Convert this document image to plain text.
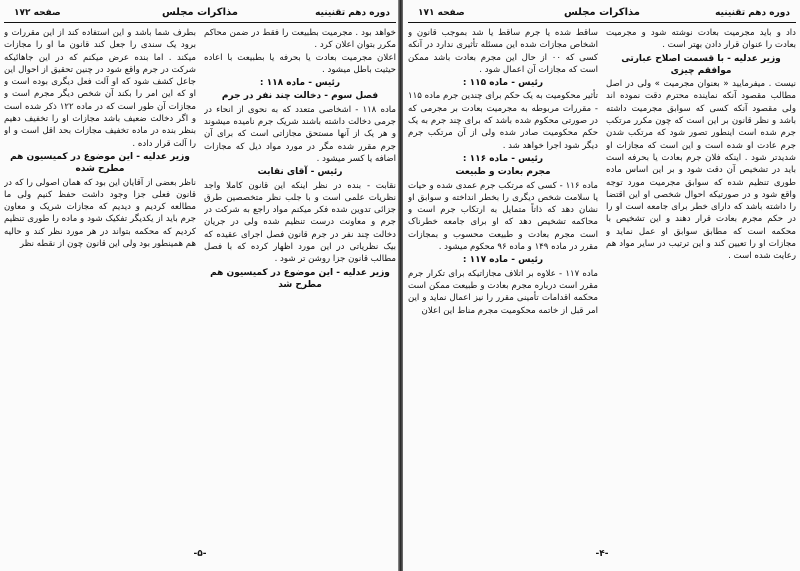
دوره دهم تقنینیه
مذاکرات مجلس
صفحه ۱۷۲

خواهد بود . مجرمیت بطبیعت را فقط در ضمن محاکم مکرر بتوان اعلان کرد .

اعلان مجرمیت بعادت یا بحرفه یا بطبیعت با اعاده حیثیت باطل میشود .

رئیس - ماده ۱۱۸ :
فصل سوم - دخالت چند نفر در جرم

ماده ۱۱۸ - اشخاصی متعدد که به نحوی از انحاء در جرمی دخالت داشته باشند شریک جرم نامیده میشوند و هر یک از آنها مستحق مجازاتی است که برای آن جرم مقرر شده مگر در مورد مواد ذیل که مجازات اضافه یا کسر میشود .

رئیس - آقای نقابت

نقابت - بنده در نظر اینکه این قانون کاملا واجد نظریات علمی است و با جلب نظر متخصصین طرق جزائی تدوین شده فکر میکنم مواد راجع به شرکت در جرم و معاونت درست تنظیم شده ولی در جریان دخالت چند نفر در جرم قانون فصل اجرای عقیده که بیک نظریاتی در این مورد اظهار کرده که با فصل مطالب قانون جزا روشن تر شود .

وزیر عدلیه - این موضوع در کمیسیون هم مطرح شد

بطرف شما باشد و این استفاده کند از این مقررات و برود یک سندی را جعل کند قانون ما او را مجازات میکند . اما بنده عرض میکنم که در این جاهائیکه شرکت در جرم واقع شود در چنین تحقیق از احوال این جاعل کشف شود که او آلت فعل دیگری بوده است و او که این امر را بکند آن شخص دیگر مجرم است و مجازات آن طور است که در ماده ۱۲۲ ذکر شده است و اگر دخالت ضعیف باشد مجازات او را تخفیف دهیم بنظر بنده در ماده تخفیف مجازات بحد اقل است و او را آلت قرار داده .

وزیر عدلیه - این موضوع در کمیسیون هم مطرح شده

ناظر بعضی از آقایان این بود که همان اصولی را که در قانون فعلی جزا وجود داشت حفظ کنیم ولی ما مطالعه کردیم و دیدیم که مجازات شریک و معاون جرم باید از یکدیگر تفکیک شود و ماده را طوری تنظیم کردیم که محکمه بتواند در هر مورد نظر کند و حالیه هم همینطور بود ولی این قانون چون از نقطه نظر

-۵-
دوره دهم تقنینیه
مذاکرات مجلس
صفحه ۱۷۱

داد و باید مجرمیت بعادت نوشته شود و مجرمیت بعادت را عنوان قرار دادن بهتر است .

وزیر عدلیه - با قسمت اصلاح عبارتی موافقم چیزی

نیست . میفرمایید « بعنوان مجرمیت » ولی در اصل مطالب مقصود آنکه نماینده محترم دقت نموده اند ولی مقصود آنکه کسی که سوابق مجرمیت داشته باشد و نظر قانون بر این است که چون مکرر مرتکب جرم شده است اینطور تصور شود که مرتکب شدن جرم عادت او شده است و این است که مجازات او شدیدتر شود . اینکه فلان جرم بعادت یا بحرفه است باید در تشخیص آن دقت شود و بر این اساس ماده طوری تنظیم شده که سوابق مجرمیت مورد توجه واقع شود و در صورتیکه احوال شخصی او این اقتضا را داشته باشد که دارای خطر برای جامعه است او را در حکم مجرم بعادت قرار دهند و این تشخیص با محکمه است که مطابق سوابق او عمل نماید و مجازات او را تعیین کند و این ترتیب در سایر مواد هم رعایت شده است .

ساقط شده یا جرم ساقط یا شد بموجب قانون و اشخاص مجازات شده این مسئله تأثیری ندارد در آنکه کسی که ۰۰ از حال این مجرم بعادت باشد ممکن است که مجازات آن اعمال شود .

رئیس - ماده ۱۱۵ :

تأثیر محکومیت به یک حکم برای چندین جرم ماده ۱۱۵ - مقررات مربوطه به مجرمیت بعادت بر مجرمی که در صورتی محکوم شده باشد که برای چند جرم به یک حکم محکومیت صادر شده ولی از آن مرتکب جرم دیگر شود اجرا خواهد شد .

رئیس - ماده ۱۱۶ :
مجرم بعادت و طبیعت

ماده ۱۱۶ - کسی که مرتکب جرم عمدی شده و حیات یا سلامت شخص دیگری را بخطر انداخته و سوابق او نشان دهد که ذاتاً متمایل به ارتکاب جرم است و محاکمه تشخیص دهد که او برای جامعه خطرناک است مجرم بعادت و طبیعت محسوب و بمجازات مقرر در ماده ۱۴۹ و ماده ۹۶ محکوم میشود .

رئیس - ماده ۱۱۷ :

ماده ۱۱۷ - علاوه بر اتلاف مجازاتیکه برای تکرار جرم مقرر است درباره مجرم بعادت و طبیعت ممکن است محکمه اقدامات تأمینی مقرر را نیز اعمال نماید و این امر قبل از خاتمه محکومیت مجرم مناط این اعلان

-۴-
